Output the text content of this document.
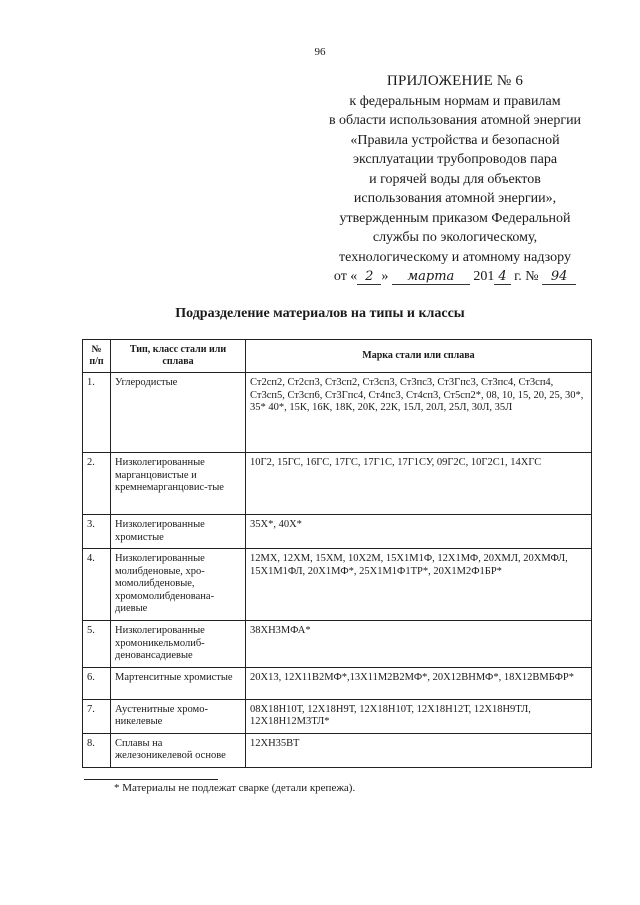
96
ПРИЛОЖЕНИЕ № 6
к федеральным нормам и правилам
в области использования атомной энергии
«Правила устройства и безопасной
эксплуатации трубопроводов пара
и горячей воды для объектов
использования атомной энергии»,
утвержденным приказом Федеральной
службы по экологическому,
технологическому и атомному надзору
от « 2 » марта 201 4 г. № 94
Подразделение материалов на типы и классы
№ п/п	Тип, класс стали или сплава	Марка стали или сплава
1.	Углеродистые	Ст2сп2, Ст2сп3, Ст3сп2, Ст3сп3, Ст3пс3, Ст3Гпс3, Ст3пс4, Ст3сп4, Ст3сп5, Ст3сп6, Ст3Гпс4, Ст4пс3, Ст4сп3, Ст5сп2*, 08, 10, 15, 20, 25, 30*, 35* 40*, 15К, 16К, 18К, 20К, 22К, 15Л, 20Л, 25Л, 30Л, 35Л
2.	Низколегированные марганцовистые и кремнемарганцовис-тые	10Г2, 15ГС, 16ГС, 17ГС, 17Г1С, 17Г1СУ, 09Г2С, 10Г2С1, 14ХГС
3.	Низколегированные хромистые	35Х*, 40Х*
4.	Низколегированные молибденовые, хро-момолибденовые, хромомолибденована-диевые	12МХ, 12ХМ, 15ХМ, 10Х2М, 15Х1М1Ф, 12Х1МФ, 20ХМЛ, 20ХМФЛ, 15Х1М1ФЛ, 20Х1МФ*, 25Х1М1Ф1ТР*, 20Х1М2Ф1БР*
5.	Низколегированные хромоникельмолиб-деновансадиевые	38ХН3МФА*
6.	Мартенситные хромистые	20Х13, 12Х11В2МФ*,13Х11М2В2МФ*, 20Х12ВНМФ*, 18Х12ВМБФР*
7.	Аустенитные хромо-никелевые	08Х18Н10Т, 12Х18Н9Т, 12Х18Н10Т, 12Х18Н12Т, 12Х18Н9ТЛ, 12Х18Н12М3ТЛ*
8.	Сплавы на железоникелевой основе	12ХН35ВТ
* Материалы не подлежат сварке (детали крепежа).
